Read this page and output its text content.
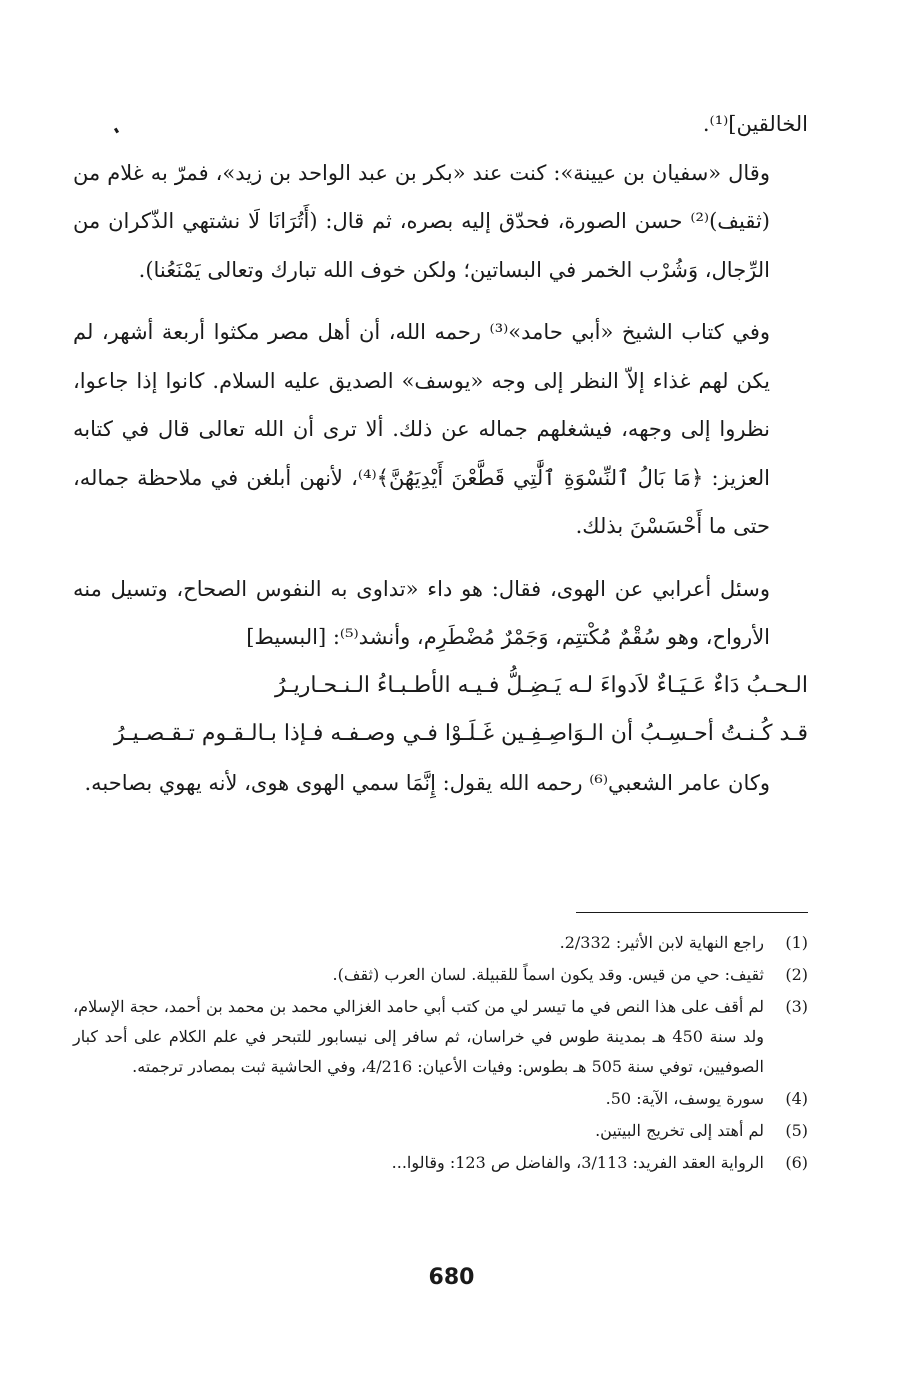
الخالقين]⁽¹⁾.

وقال «سفيان بن عيينة»: كنت عند «بكر بن عبد الواحد بن زيد»، فمرّ به غلام من (ثقيف)⁽²⁾ حسن الصورة، فحدّق إليه بصره، ثم قال: (أَتُرَانَا لَا نشتهي الذّكران من الرِّجال، وَشُرْب الخمر في البساتين؛ ولكن خوف الله تبارك وتعالى يَمْنَعُنا).

وفي كتاب الشيخ «أبي حامد»⁽³⁾ رحمه الله، أن أهل مصر مكثوا أربعة أشهر، لم يكن لهم غذاء إلاّ النظر إلى وجه «يوسف» الصديق عليه السلام. كانوا إذا جاعوا، نظروا إلى وجهه، فيشغلهم جماله عن ذلك. ألا ترى أن الله تعالى قال في كتابه العزيز: ﴿مَا بَالُ ٱلنِّسْوَةِ ٱلَّٰتِي قَطَّعْنَ أَيْدِيَهُنَّ﴾⁽⁴⁾، لأنهن أبلغن في ملاحظة جماله، حتى ما أَحْسَسْنَ بذلك.

وسئل أعرابي عن الهوى، فقال: هو داء «تداوى به النفوس الصحاح، وتسيل منه الأرواح، وهو سُقْمٌ مُكْتتِم، وَجَمْرٌ مُضْطَرِم، وأنشد⁽⁵⁾: [البسيط]

الـحـبُ دَاءٌ عَـيَـاءٌ لاَدواءَ لـه يَـضِـلُّ فـيـه الأطـبـاءُ الـنـحـاريـرُ
قـد كُـنـتُ أحـسِـبُ أن الـوَاصِـفِـين غَـلَـوْا فـي وصـفـه فـإذا بـالـقـوم تـقـصـيـرُ

وكان عامر الشعبي⁽⁶⁾ رحمه الله يقول: إِنَّمَا سمي الهوى هوى، لأنه يهوي بصاحبه.

(1)
راجع النهاية لابن الأثير: 2/332.
(2)
ثقيف: حي من قيس. وقد يكون اسماً للقبيلة. لسان العرب (ثقف).
(3)
لم أقف على هذا النص في ما تيسر لي من كتب أبي حامد الغزالي محمد بن محمد بن أحمد، حجة الإسلام، ولد سنة 450 هـ بمدينة طوس في خراسان، ثم سافر إلى نيسابور للتبحر في علم الكلام على أحد كبار الصوفيين، توفي سنة 505 هـ بطوس: وفيات الأعيان: 4/216، وفي الحاشية ثبت بمصادر ترجمته.
(4)
سورة يوسف، الآية: 50.
(5)
لم أهتد إلى تخريج البيتين.
(6)
الرواية العقد الفريد: 3/113، والفاضل ص 123: وقالوا...
680
